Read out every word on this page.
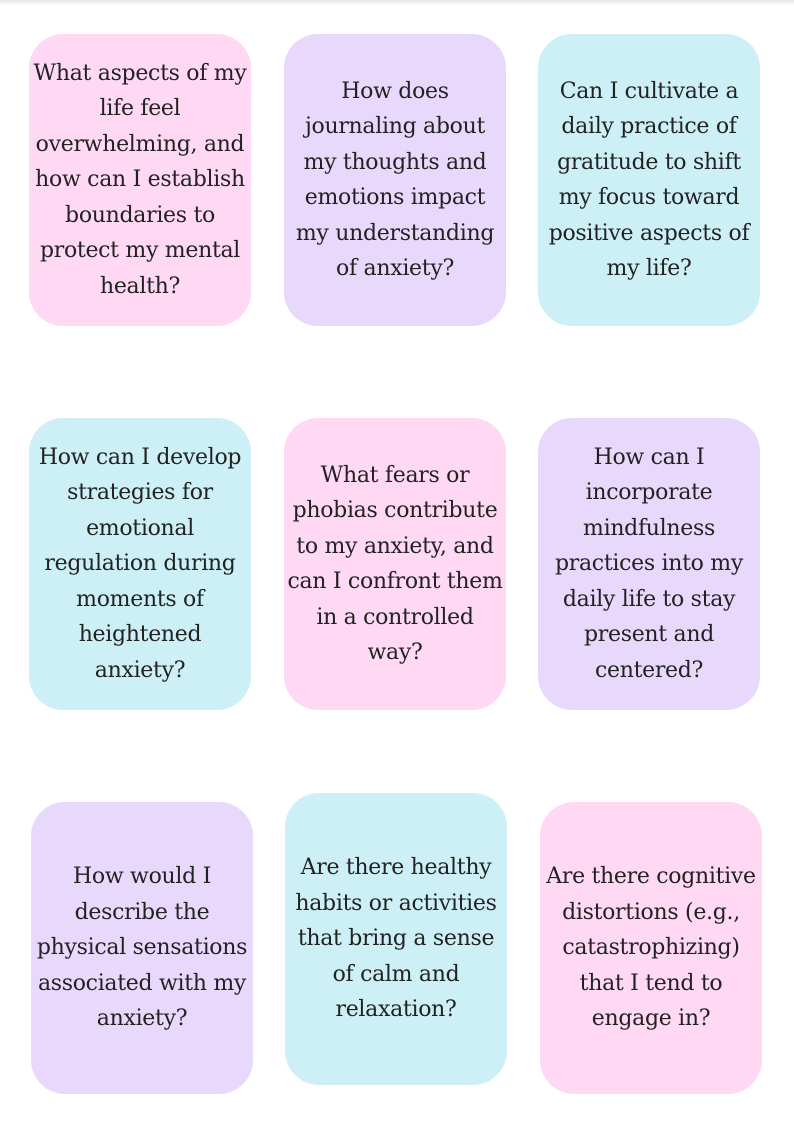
What aspects of my life feel overwhelming, and how can I establish boundaries to protect my mental health?
How does journaling about my thoughts and emotions impact my understanding of anxiety?
Can I cultivate a daily practice of gratitude to shift my focus toward positive aspects of my life?
How can I develop strategies for emotional regulation during moments of heightened anxiety?
What fears or phobias contribute to my anxiety, and can I confront them in a controlled way?
How can I incorporate mindfulness practices into my daily life to stay present and centered?
How would I describe the physical sensations associated with my anxiety?
Are there healthy habits or activities that bring a sense of calm and relaxation?
Are there cognitive distortions (e.g., catastrophizing) that I tend to engage in?
